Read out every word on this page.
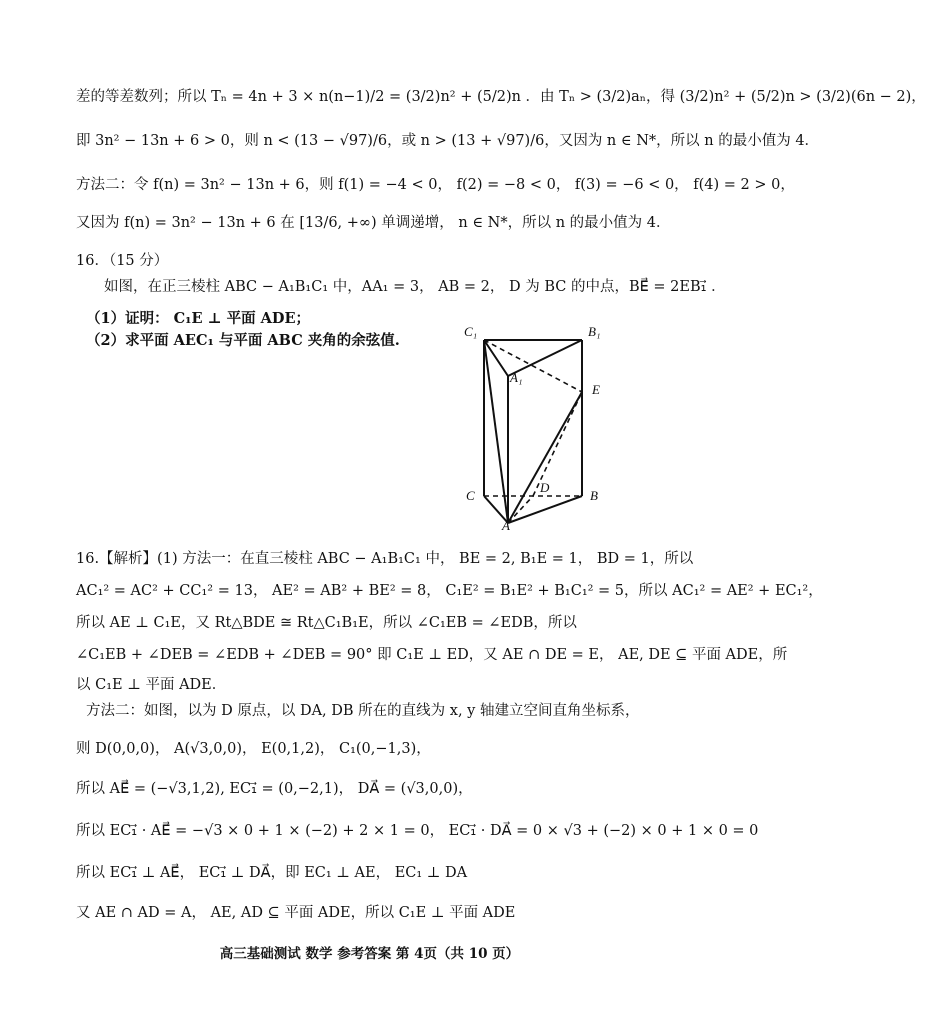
差的等差数列；所以 Tₙ = 4n + 3 × n(n−1)/2 = (3/2)n² + (5/2)n ．由 Tₙ > (3/2)aₙ，得 (3/2)n² + (5/2)n > (3/2)(6n − 2)，
即 3n² − 13n + 6 > 0，则 n < (13 − √97)/6，或 n > (13 + √97)/6，又因为 n ∈ N*，所以 n 的最小值为 4．
方法二：令 f(n) = 3n² − 13n + 6，则 f(1) = −4 < 0， f(2) = −8 < 0， f(3) = −6 < 0， f(4) = 2 > 0，
又因为 f(n) = 3n² − 13n + 6 在 [13/6, +∞) 单调递增， n ∈ N*，所以 n 的最小值为 4．
16．（15 分）
如图，在正三棱柱 ABC − A₁B₁C₁ 中，AA₁ = 3， AB = 2， D 为 BC 的中点，BE⃗ = 2EB₁⃗ ．
（1）证明： C₁E ⊥ 平面 ADE；
（2）求平面 AEC₁ 与平面 ABC 夹角的余弦值.
C₁	B₁
A₁
E
C	B
D
A
16.【解析】(1) 方法一：在直三棱柱 ABC − A₁B₁C₁ 中， BE = 2, B₁E = 1， BD = 1，所以
AC₁² = AC² + CC₁² = 13， AE² = AB² + BE² = 8， C₁E² = B₁E² + B₁C₁² = 5，所以 AC₁² = AE² + EC₁²，
所以 AE ⊥ C₁E，又 Rt△BDE ≅ Rt△C₁B₁E，所以 ∠C₁EB = ∠EDB，所以
∠C₁EB + ∠DEB = ∠EDB + ∠DEB = 90° 即 C₁E ⊥ ED，又 AE ∩ DE = E， AE, DE ⊆ 平面 ADE，所
以 C₁E ⊥ 平面 ADE．
方法二：如图，以为 D 原点，以 DA, DB 所在的直线为 x, y 轴建立空间直角坐标系，
则 D(0,0,0)， A(√3,0,0)， E(0,1,2)， C₁(0,−1,3)，
所以 AE⃗ = (−√3,1,2), EC₁⃗ = (0,−2,1)， DA⃗ = (√3,0,0)，
所以 EC₁⃗ · AE⃗ = −√3 × 0 + 1 × (−2) + 2 × 1 = 0， EC₁⃗ · DA⃗ = 0 × √3 + (−2) × 0 + 1 × 0 = 0
所以 EC₁⃗ ⊥ AE⃗， EC₁⃗ ⊥ DA⃗，即 EC₁ ⊥ AE， EC₁ ⊥ DA
又 AE ∩ AD = A， AE, AD ⊆ 平面 ADE，所以 C₁E ⊥ 平面 ADE
高三基础测试 数学 参考答案 第 4页（共 10 页）
